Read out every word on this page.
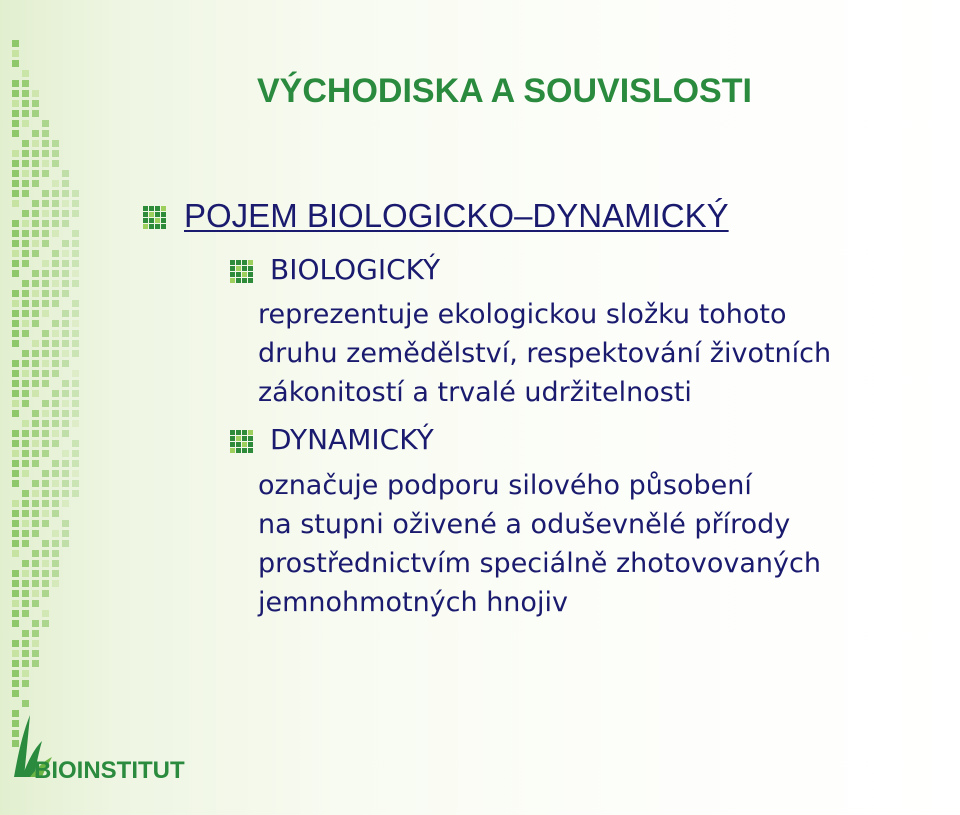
VÝCHODISKA A SOUVISLOSTI

POJEM BIOLOGICKO–DYNAMICKÝ

BIOLOGICKÝ

reprezentuje ekologickou složku tohoto
druhu zemědělství, respektování životních
zákonitostí a trvalé udržitelnosti

DYNAMICKÝ

označuje podporu silového působení
na stupni oživené a oduševnělé přírody
prostřednictvím speciálně zhotovovaných
jemnohmotných hnojiv

BIOINSTITUT
